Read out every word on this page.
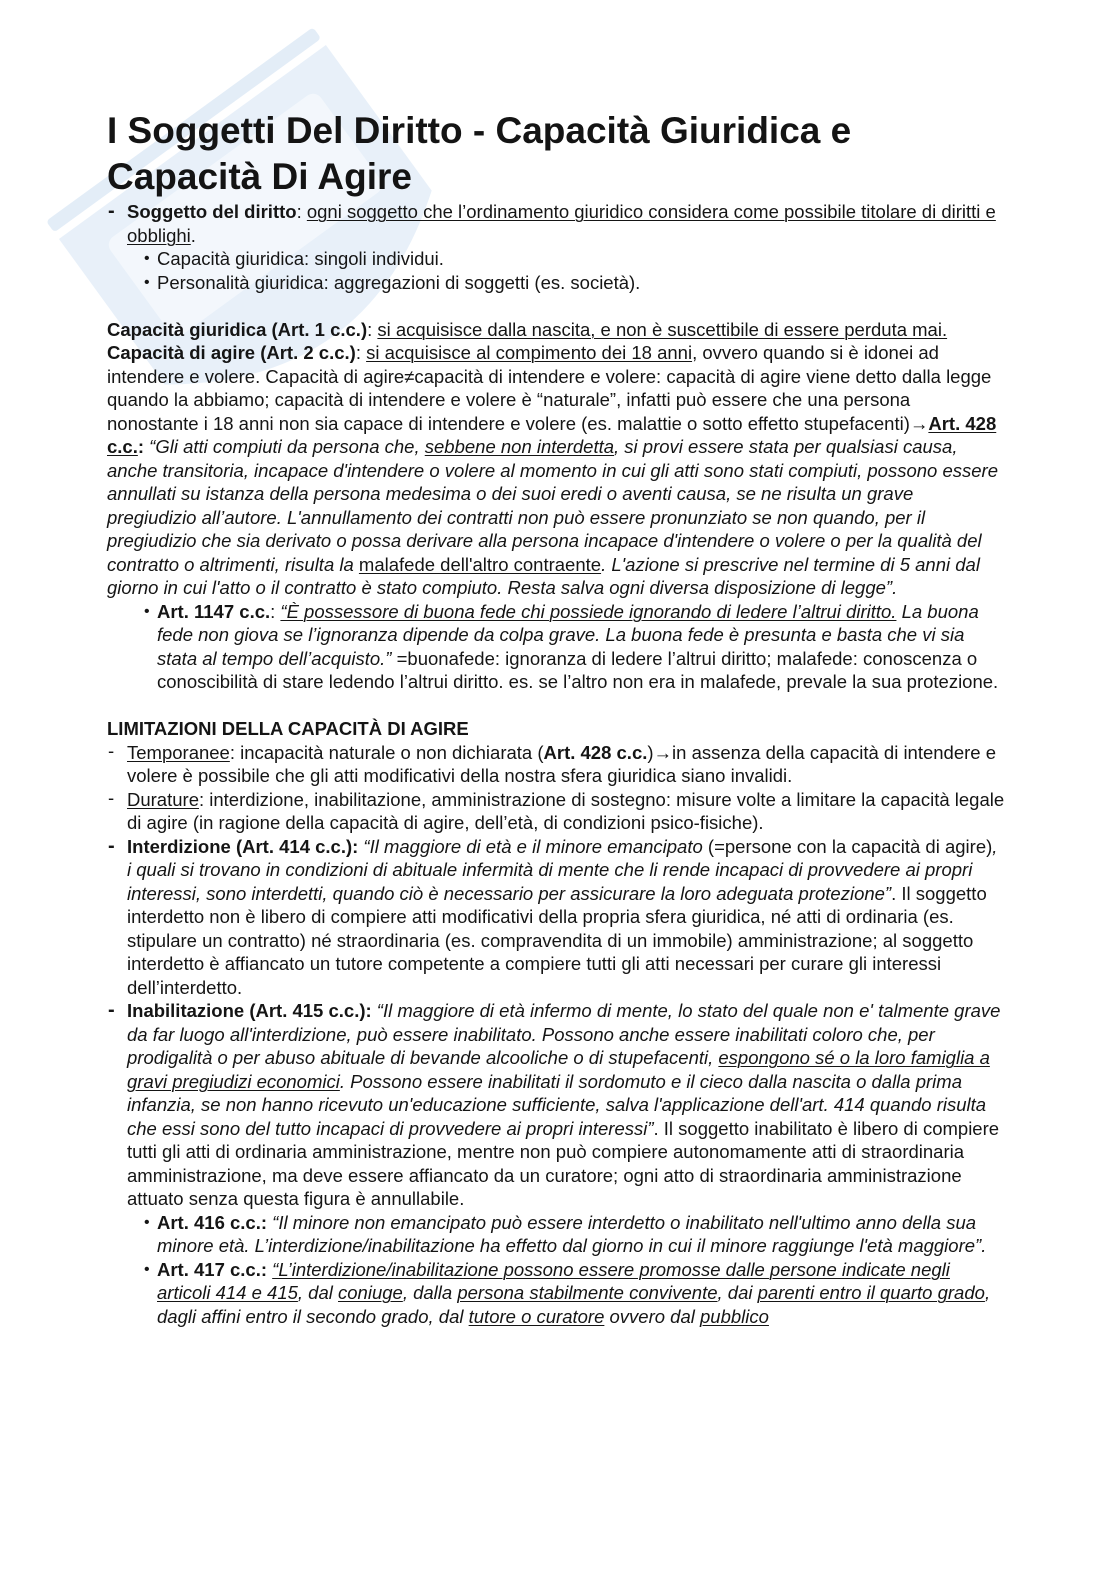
I Soggetti Del Diritto - Capacità Giuridica e Capacità Di Agire
- Soggetto del diritto: ogni soggetto che l’ordinamento giuridico considera come possibile titolare di diritti e obblighi.
• Capacità giuridica: singoli individui.
• Personalità giuridica: aggregazioni di soggetti (es. società).

Capacità giuridica (Art. 1 c.c.): si acquisisce dalla nascita, e non è suscettibile di essere perduta mai.

Capacità di agire (Art. 2 c.c.): si acquisisce al compimento dei 18 anni, ovvero quando si è idonei ad intendere e volere. Capacità di agire≠capacità di intendere e volere: capacità di agire viene detto dalla legge quando la abbiamo; capacità di intendere e volere è “naturale”, infatti può essere che una persona nonostante i 18 anni non sia capace di intendere e volere (es. malattie o sotto effetto stupefacenti)→Art. 428 c.c.: “Gli atti compiuti da persona che, sebbene non interdetta, si provi essere stata per qualsiasi causa, anche transitoria, incapace d'intendere o volere al momento in cui gli atti sono stati compiuti, possono essere annullati su istanza della persona medesima o dei suoi eredi o aventi causa, se ne risulta un grave pregiudizio all’autore. L'annullamento dei contratti non può essere pronunziato se non quando, per il pregiudizio che sia derivato o possa derivare alla persona incapace d'intendere o volere o per la qualità del contratto o altrimenti, risulta la malafede dell'altro contraente. L'azione si prescrive nel termine di 5 anni dal giorno in cui l'atto o il contratto è stato compiuto. Resta salva ogni diversa disposizione di legge”.

• Art. 1147 c.c.: “È possessore di buona fede chi possiede ignorando di ledere l’altrui diritto. La buona fede non giova se l’ignoranza dipende da colpa grave. La buona fede è presunta e basta che vi sia stata al tempo dell’acquisto.” =buonafede: ignoranza di ledere l’altrui diritto; malafede: conoscenza o conoscibilità di stare ledendo l’altrui diritto. es. se l’altro non era in malafede, prevale la sua protezione.
LIMITAZIONI DELLA CAPACITÀ DI AGIRE
- Temporanee: incapacità naturale o non dichiarata (Art. 428 c.c.)→in assenza della capacità di intendere e volere è possibile che gli atti modificativi della nostra sfera giuridica siano invalidi.
- Durature: interdizione, inabilitazione, amministrazione di sostegno: misure volte a limitare la capacità legale di agire (in ragione della capacità di agire, dell’età, di condizioni psico-fisiche).
- Interdizione (Art. 414 c.c.): “Il maggiore di età e il minore emancipato (=persone con la capacità di agire), i quali si trovano in condizioni di abituale infermità di mente che li rende incapaci di provvedere ai propri interessi, sono interdetti, quando ciò è necessario per assicurare la loro adeguata protezione”. Il soggetto interdetto non è libero di compiere atti modificativi della propria sfera giuridica, né atti di ordinaria (es. stipulare un contratto) né straordinaria (es. compravendita di un immobile) amministrazione; al soggetto interdetto è affiancato un tutore competente a compiere tutti gli atti necessari per curare gli interessi dell’interdetto.
- Inabilitazione (Art. 415 c.c.): “Il maggiore di età infermo di mente, lo stato del quale non e' talmente grave da far luogo all'interdizione, può essere inabilitato. Possono anche essere inabilitati coloro che, per prodigalità o per abuso abituale di bevande alcooliche o di stupefacenti, espongono sé o la loro famiglia a gravi pregiudizi economici. Possono essere inabilitati il sordomuto e il cieco dalla nascita o dalla prima infanzia, se non hanno ricevuto un'educazione sufficiente, salva l'applicazione dell'art. 414 quando risulta che essi sono del tutto incapaci di provvedere ai propri interessi”. Il soggetto inabilitato è libero di compiere tutti gli atti di ordinaria amministrazione, mentre non può compiere autonomamente atti di straordinaria amministrazione, ma deve essere affiancato da un curatore; ogni atto di straordinaria amministrazione attuato senza questa figura è annullabile.
• Art. 416 c.c.: “Il minore non emancipato può essere interdetto o inabilitato nell'ultimo anno della sua minore età. L’interdizione/inabilitazione ha effetto dal giorno in cui il minore raggiunge l'età maggiore”.
• Art. 417 c.c.: “L’interdizione/inabilitazione possono essere promosse dalle persone indicate negli articoli 414 e 415, dal coniuge, dalla persona stabilmente convivente, dai parenti entro il quarto grado, dagli affini entro il secondo grado, dal tutore o curatore ovvero dal pubblico
